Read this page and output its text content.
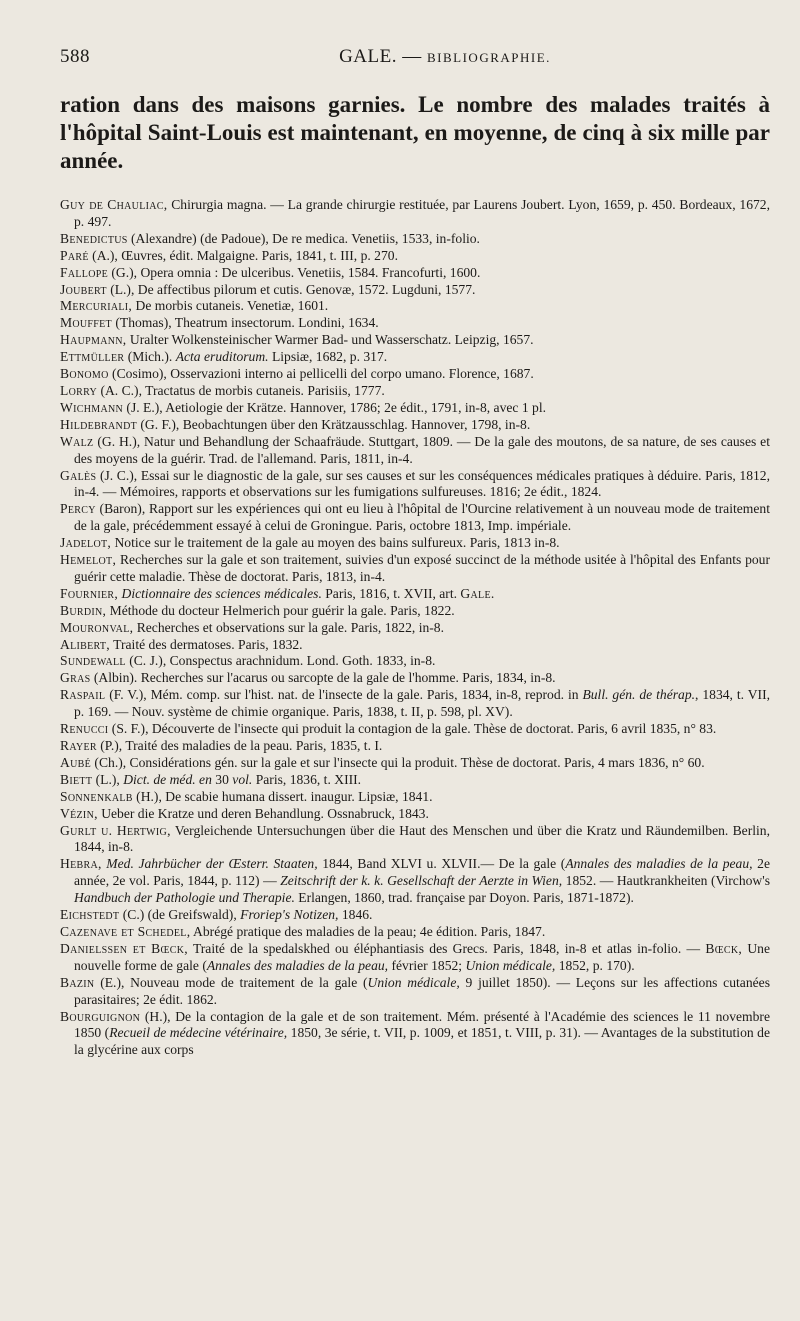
588	GALE. — BIBLIOGRAPHIE.

ration dans des maisons garnies. Le nombre des malades traités à l'hôpital Saint-Louis est maintenant, en moyenne, de cinq à six mille par année.

Guy de Chauliac, Chirurgia magna. — La grande chirurgie restituée, par Laurens Joubert. Lyon, 1659, p. 450. Bordeaux, 1672, p. 497.

Benedictus (Alexandre) (de Padoue), De re medica. Venetiis, 1533, in-folio.

Paré (A.), Œuvres, édit. Malgaigne. Paris, 1841, t. III, p. 270.

Fallope (G.), Opera omnia : De ulceribus. Venetiis, 1584. Francofurti, 1600.

Joubert (L.), De affectibus pilorum et cutis. Genovæ, 1572. Lugduni, 1577.

Mercuriali, De morbis cutaneis. Venetiæ, 1601.

Mouffet (Thomas), Theatrum insectorum. Londini, 1634.

Haupmann, Uralter Wolkensteinischer Warmer Bad- und Wasserschatz. Leipzig, 1657.

Ettmüller (Mich.). Acta eruditorum. Lipsiæ, 1682, p. 317.

Bonomo (Cosimo), Osservazioni interno ai pellicelli del corpo umano. Florence, 1687.

Lorry (A. C.), Tractatus de morbis cutaneis. Parisiis, 1777.

Wichmann (J. E.), Aetiologie der Krätze. Hannover, 1786; 2e édit., 1791, in-8, avec 1 pl.

Hildebrandt (G. F.), Beobachtungen über den Krätzausschlag. Hannover, 1798, in-8.

Walz (G. H.), Natur und Behandlung der Schaafräude. Stuttgart, 1809. — De la gale des moutons, de sa nature, de ses causes et des moyens de la guérir. Trad. de l'allemand. Paris, 1811, in-4.

Galès (J. C.), Essai sur le diagnostic de la gale, sur ses causes et sur les conséquences médicales pratiques à déduire. Paris, 1812, in-4. — Mémoires, rapports et observations sur les fumigations sulfureuses. 1816; 2e édit., 1824.

Percy (Baron), Rapport sur les expériences qui ont eu lieu à l'hôpital de l'Ourcine relativement à un nouveau mode de traitement de la gale, précédemment essayé à celui de Groningue. Paris, octobre 1813, Imp. impériale.

Jadelot, Notice sur le traitement de la gale au moyen des bains sulfureux. Paris, 1813 in-8.

Hemelot, Recherches sur la gale et son traitement, suivies d'un exposé succinct de la méthode usitée à l'hôpital des Enfants pour guérir cette maladie. Thèse de doctorat. Paris, 1813, in-4.

Fournier, Dictionnaire des sciences médicales. Paris, 1816, t. XVII, art. Gale.

Burdin, Méthode du docteur Helmerich pour guérir la gale. Paris, 1822.

Mouronval, Recherches et observations sur la gale. Paris, 1822, in-8.

Alibert, Traité des dermatoses. Paris, 1832.

Sundewall (C. J.), Conspectus arachnidum. Lond. Goth. 1833, in-8.

Gras (Albin). Recherches sur l'acarus ou sarcopte de la gale de l'homme. Paris, 1834, in-8.

Raspail (F. V.), Mém. comp. sur l'hist. nat. de l'insecte de la gale. Paris, 1834, in-8, reprod. in Bull. gén. de thérap., 1834, t. VII, p. 169. — Nouv. système de chimie organique. Paris, 1838, t. II, p. 598, pl. XV).

Renucci (S. F.), Découverte de l'insecte qui produit la contagion de la gale. Thèse de doctorat. Paris, 6 avril 1835, n° 83.

Rayer (P.), Traité des maladies de la peau. Paris, 1835, t. I.

Aubé (Ch.), Considérations gén. sur la gale et sur l'insecte qui la produit. Thèse de doctorat. Paris, 4 mars 1836, n° 60.

Biett (L.), Dict. de méd. en 30 vol. Paris, 1836, t. XIII.

Sonnenkalb (H.), De scabie humana dissert. inaugur. Lipsiæ, 1841.

Vézin, Ueber die Kratze und deren Behandlung. Ossnabruck, 1843.

Gurlt u. Hertwig, Vergleichende Untersuchungen über die Haut des Menschen und über die Kratz und Räundemilben. Berlin, 1844, in-8.

Hebra, Med. Jahrbücher der Œsterr. Staaten, 1844, Band XLVI u. XLVII.— De la gale (Annales des maladies de la peau, 2e année, 2e vol. Paris, 1844, p. 112) — Zeitschrift der k. k. Gesellschaft der Aerzte in Wien, 1852. — Hautkrankheiten (Virchow's Handbuch der Pathologie und Therapie. Erlangen, 1860, trad. française par Doyon. Paris, 1871-1872).

Eichstedt (C.) (de Greifswald), Froriep's Notizen, 1846.

Cazenave et Schedel, Abrégé pratique des maladies de la peau; 4e édition. Paris, 1847.

Danielssen et Bœck, Traité de la spedalskhed ou éléphantiasis des Grecs. Paris, 1848, in-8 et atlas in-folio. — Bœck, Une nouvelle forme de gale (Annales des maladies de la peau, février 1852; Union médicale, 1852, p. 170).

Bazin (E.), Nouveau mode de traitement de la gale (Union médicale, 9 juillet 1850). — Leçons sur les affections cutanées parasitaires; 2e édit. 1862.

Bourguignon (H.), De la contagion de la gale et de son traitement. Mém. présenté à l'Académie des sciences le 11 novembre 1850 (Recueil de médecine vétérinaire, 1850, 3e série, t. VII, p. 1009, et 1851, t. VIII, p. 31). — Avantages de la substitution de la glycérine aux corps
